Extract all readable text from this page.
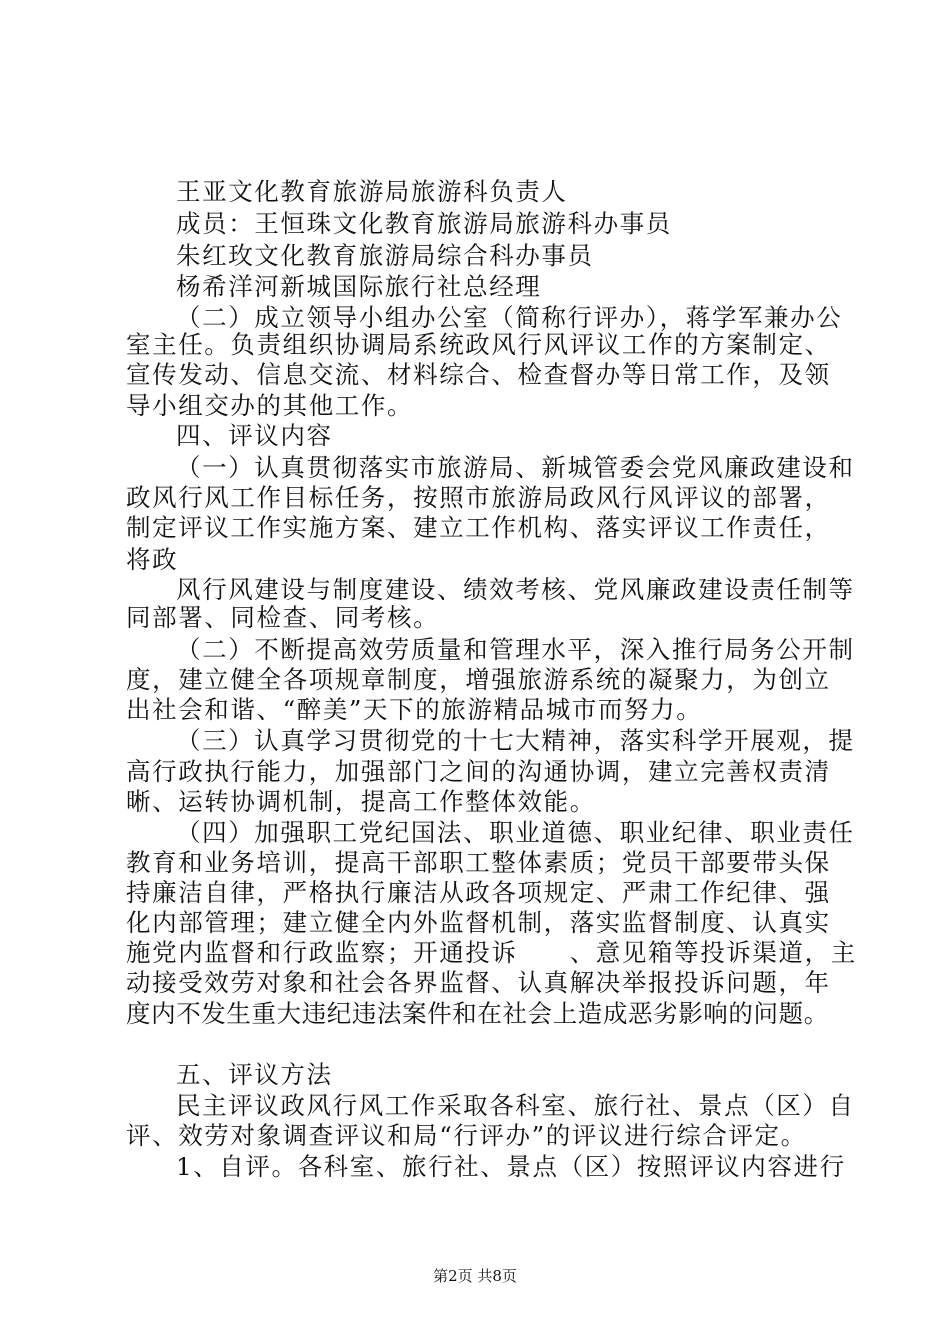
王亚文化教育旅游局旅游科负责人
成员：王恒珠文化教育旅游局旅游科办事员
朱红玫文化教育旅游局综合科办事员
杨希洋河新城国际旅行社总经理
（二）成立领导小组办公室（简称行评办），蒋学军兼办公
室主任。负责组织协调局系统政风行风评议工作的方案制定、
宣传发动、信息交流、材料综合、检查督办等日常工作，及领
导小组交办的其他工作。
四、评议内容
（一）认真贯彻落实市旅游局、新城管委会党风廉政建设和
政风行风工作目标任务，按照市旅游局政风行风评议的部署，
制定评议工作实施方案、建立工作机构、落实评议工作责任，
将政
风行风建设与制度建设、绩效考核、党风廉政建设责任制等
同部署、同检查、同考核。
（二）不断提高效劳质量和管理水平，深入推行局务公开制
度，建立健全各项规章制度，增强旅游系统的凝聚力，为创立
出社会和谐、“醉美”天下的旅游精品城市而努力。
（三）认真学习贯彻党的十七大精神，落实科学开展观，提
高行政执行能力，加强部门之间的沟通协调，建立完善权责清
晰、运转协调机制，提高工作整体效能。
（四）加强职工党纪国法、职业道德、职业纪律、职业责任
教育和业务培训，提高干部职工整体素质；党员干部要带头保
持廉洁自律，严格执行廉洁从政各项规定、严肃工作纪律、强
化内部管理；建立健全内外监督机制，落实监督制度、认真实
施党内监督和行政监察；开通投诉　　、意见箱等投诉渠道，主
动接受效劳对象和社会各界监督、认真解决举报投诉问题，年
度内不发生重大违纪违法案件和在社会上造成恶劣影响的问题。
五、评议方法
民主评议政风行风工作采取各科室、旅行社、景点（区）自
评、效劳对象调查评议和局“行评办”的评议进行综合评定。
1、自评。各科室、旅行社、景点（区）按照评议内容进行
第2页 共8页
